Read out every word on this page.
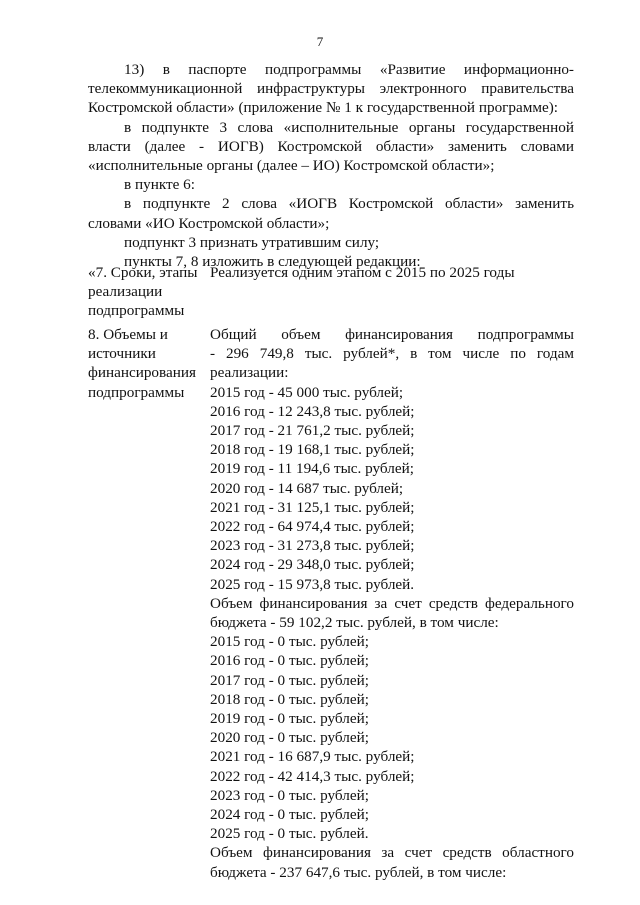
7

13) в паспорте подпрограммы «Развитие информационно-телекоммуникационной инфраструктуры электронного правительства Костромской области» (приложение № 1 к государственной программе):

в подпункте 3 слова «исполнительные органы государственной власти (далее - ИОГВ) Костромской области» заменить словами «исполнительные органы (далее – ИО) Костромской области»;

в пункте 6:

в подпункте 2 слова «ИОГВ Костромской области» заменить словами «ИО Костромской области»;

подпункт 3 признать утратившим силу;

пункты 7, 8 изложить в следующей редакции:

«7. Сроки, этапы
реализации
подпрограммы
Реализуется одним этапом с 2015 по 2025 годы
8. Объемы и
источники
финансирования
подпрограммы
Общий объем финансирования подпрограммы
- 296 749,8 тыс. рублей*, в том числе по годам
реализации:
2015 год - 45 000 тыс. рублей;
2016 год - 12 243,8 тыс. рублей;
2017 год - 21 761,2 тыс. рублей;
2018 год - 19 168,1 тыс. рублей;
2019 год - 11 194,6 тыс. рублей;
2020 год - 14 687 тыс. рублей;
2021 год - 31 125,1 тыс. рублей;
2022 год - 64 974,4 тыс. рублей;
2023 год - 31 273,8 тыс. рублей;
2024 год - 29 348,0 тыс. рублей;
2025 год - 15 973,8 тыс. рублей.
Объем финансирования за счет средств федерального
бюджета - 59 102,2 тыс. рублей, в том числе:
2015 год - 0 тыс. рублей;
2016 год - 0 тыс. рублей;
2017 год - 0 тыс. рублей;
2018 год - 0 тыс. рублей;
2019 год - 0 тыс. рублей;
2020 год - 0 тыс. рублей;
2021 год - 16 687,9 тыс. рублей;
2022 год - 42 414,3 тыс. рублей;
2023 год - 0 тыс. рублей;
2024 год - 0 тыс. рублей;
2025 год - 0 тыс. рублей.
Объем финансирования за счет средств областного
бюджета - 237 647,6 тыс. рублей, в том числе:
